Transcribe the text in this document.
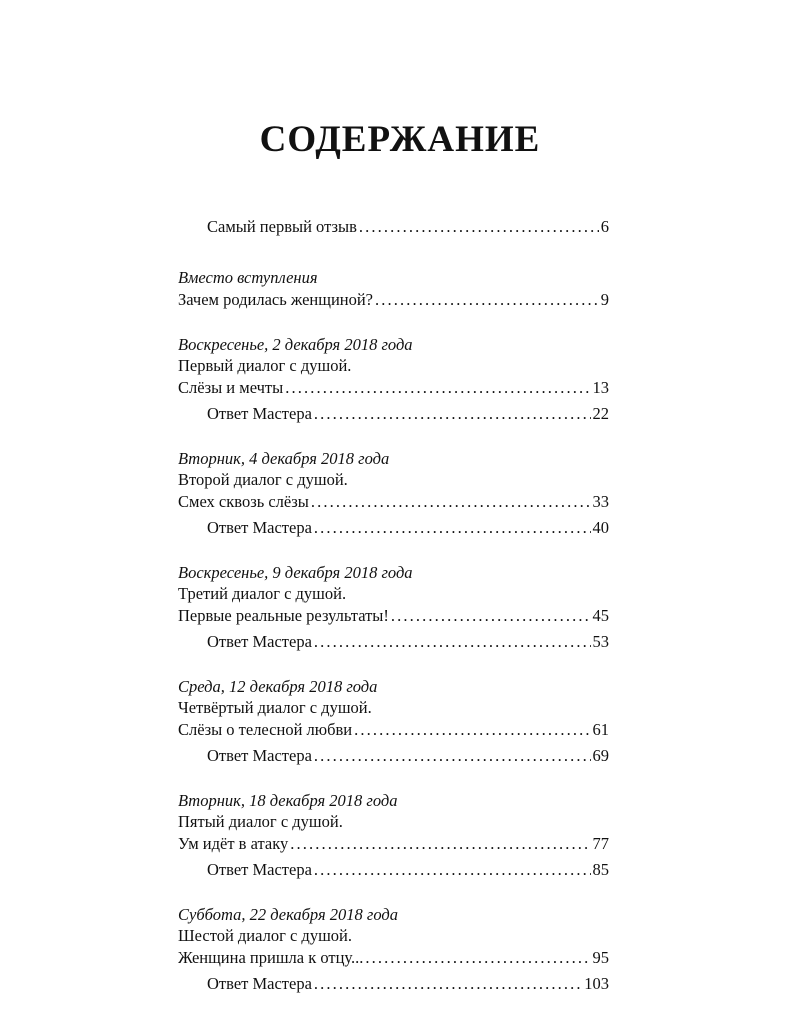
СОДЕРЖАНИЕ
Самый первый отзыв . . .	6
Вместо вступления
Зачем родилась женщиной? . . .	9
Воскресенье, 2 декабря 2018 года
Первый диалог с душой.
Слёзы и мечты . . .	13
Ответ Мастера . . .	22
Вторник, 4 декабря 2018 года
Второй диалог с душой.
Смех сквозь слёзы . . .	33
Ответ Мастера . . .	40
Воскресенье, 9 декабря 2018 года
Третий диалог с душой.
Первые реальные результаты! . . .	45
Ответ Мастера . . .	53
Среда, 12 декабря 2018 года
Четвёртый диалог с душой.
Слёзы о телесной любви . . .	61
Ответ Мастера . . .	69
Вторник, 18 декабря 2018 года
Пятый диалог с душой.
Ум идёт в атаку . . .	77
Ответ Мастера . . .	85
Суббота, 22 декабря 2018 года
Шестой диалог с душой.
Женщина пришла к отцу... . . .	95
Ответ Мастера . . .	103
